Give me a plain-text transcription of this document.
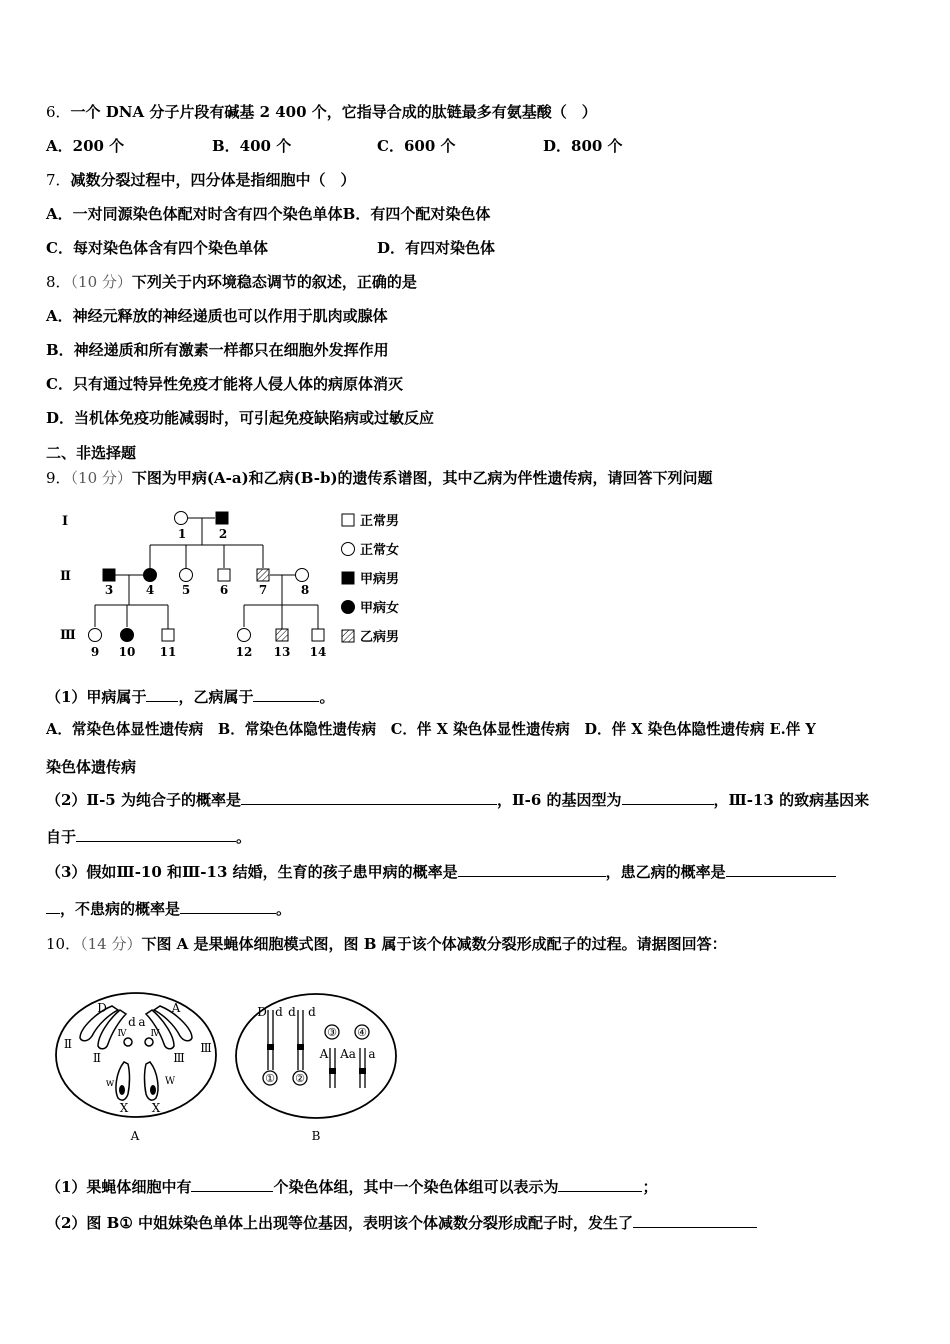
6．一个 DNA 分子片段有碱基 2 400 个，它指导合成的肽链最多有氨基酸（　）
A．200 个	B．400 个	C．600 个	D．800 个
7．减数分裂过程中，四分体是指细胞中（　）
A．一对同源染色体配对时含有四个染色单体B．有四个配对染色体
C．每对染色体含有四个染色单体	D．有四对染色体
8．（10 分）下列关于内环境稳态调节的叙述，正确的是
A．神经元释放的神经递质也可以作用于肌肉或腺体
B．神经递质和所有激素一样都只在细胞外发挥作用
C．只有通过特异性免疫才能将人侵人体的病原体消灭
D．当机体免疫功能减弱时，可引起免疫缺陷病或过敏反应
二、非选择题
9．（10 分）下图为甲病(A-a)和乙病(B-b)的遗传系谱图，其中乙病为伴性遗传病，请回答下列问题
Ⅰ
Ⅱ
Ⅲ
1	2
3	4 5 6	7	8
9 10 11	12 13 14
正常男
正常女
甲病男
甲病女
乙病男
（1）甲病属于 ，乙病属于	。
A．常染色体显性遗传病　B．常染色体隐性遗传病　C．伴 X 染色体显性遗传病　D．伴 X 染色体隐性遗传病 E.伴 Y
染色体遗传病
（2）Ⅱ-5 为纯合子的概率是	，Ⅱ-6 的基因型为	，Ⅲ-13 的致病基因来
自于	。
（3）假如Ⅲ-10 和Ⅲ-13 结婚，生育的孩子患甲病的概率是	，患乙病的概率是
，不患病的概率是	。
10．（14 分）下图 A 是果蝇体细胞模式图，图 B 属于该个体减数分裂形成配子的过程。请据图回答：
D
d a
A
Ⅱ
Ⅱ	Ⅲ
Ⅲ
Ⅳ	Ⅳ
w	W
X X
A
D d d d
③ ④
A Aa a
① ②
B
（1）果蝇体细胞中有	个染色体组，其中一个染色体组可以表示为	；
（2）图 B① 中姐妹染色单体上出现等位基因，表明该个体减数分裂形成配子时，发生了
